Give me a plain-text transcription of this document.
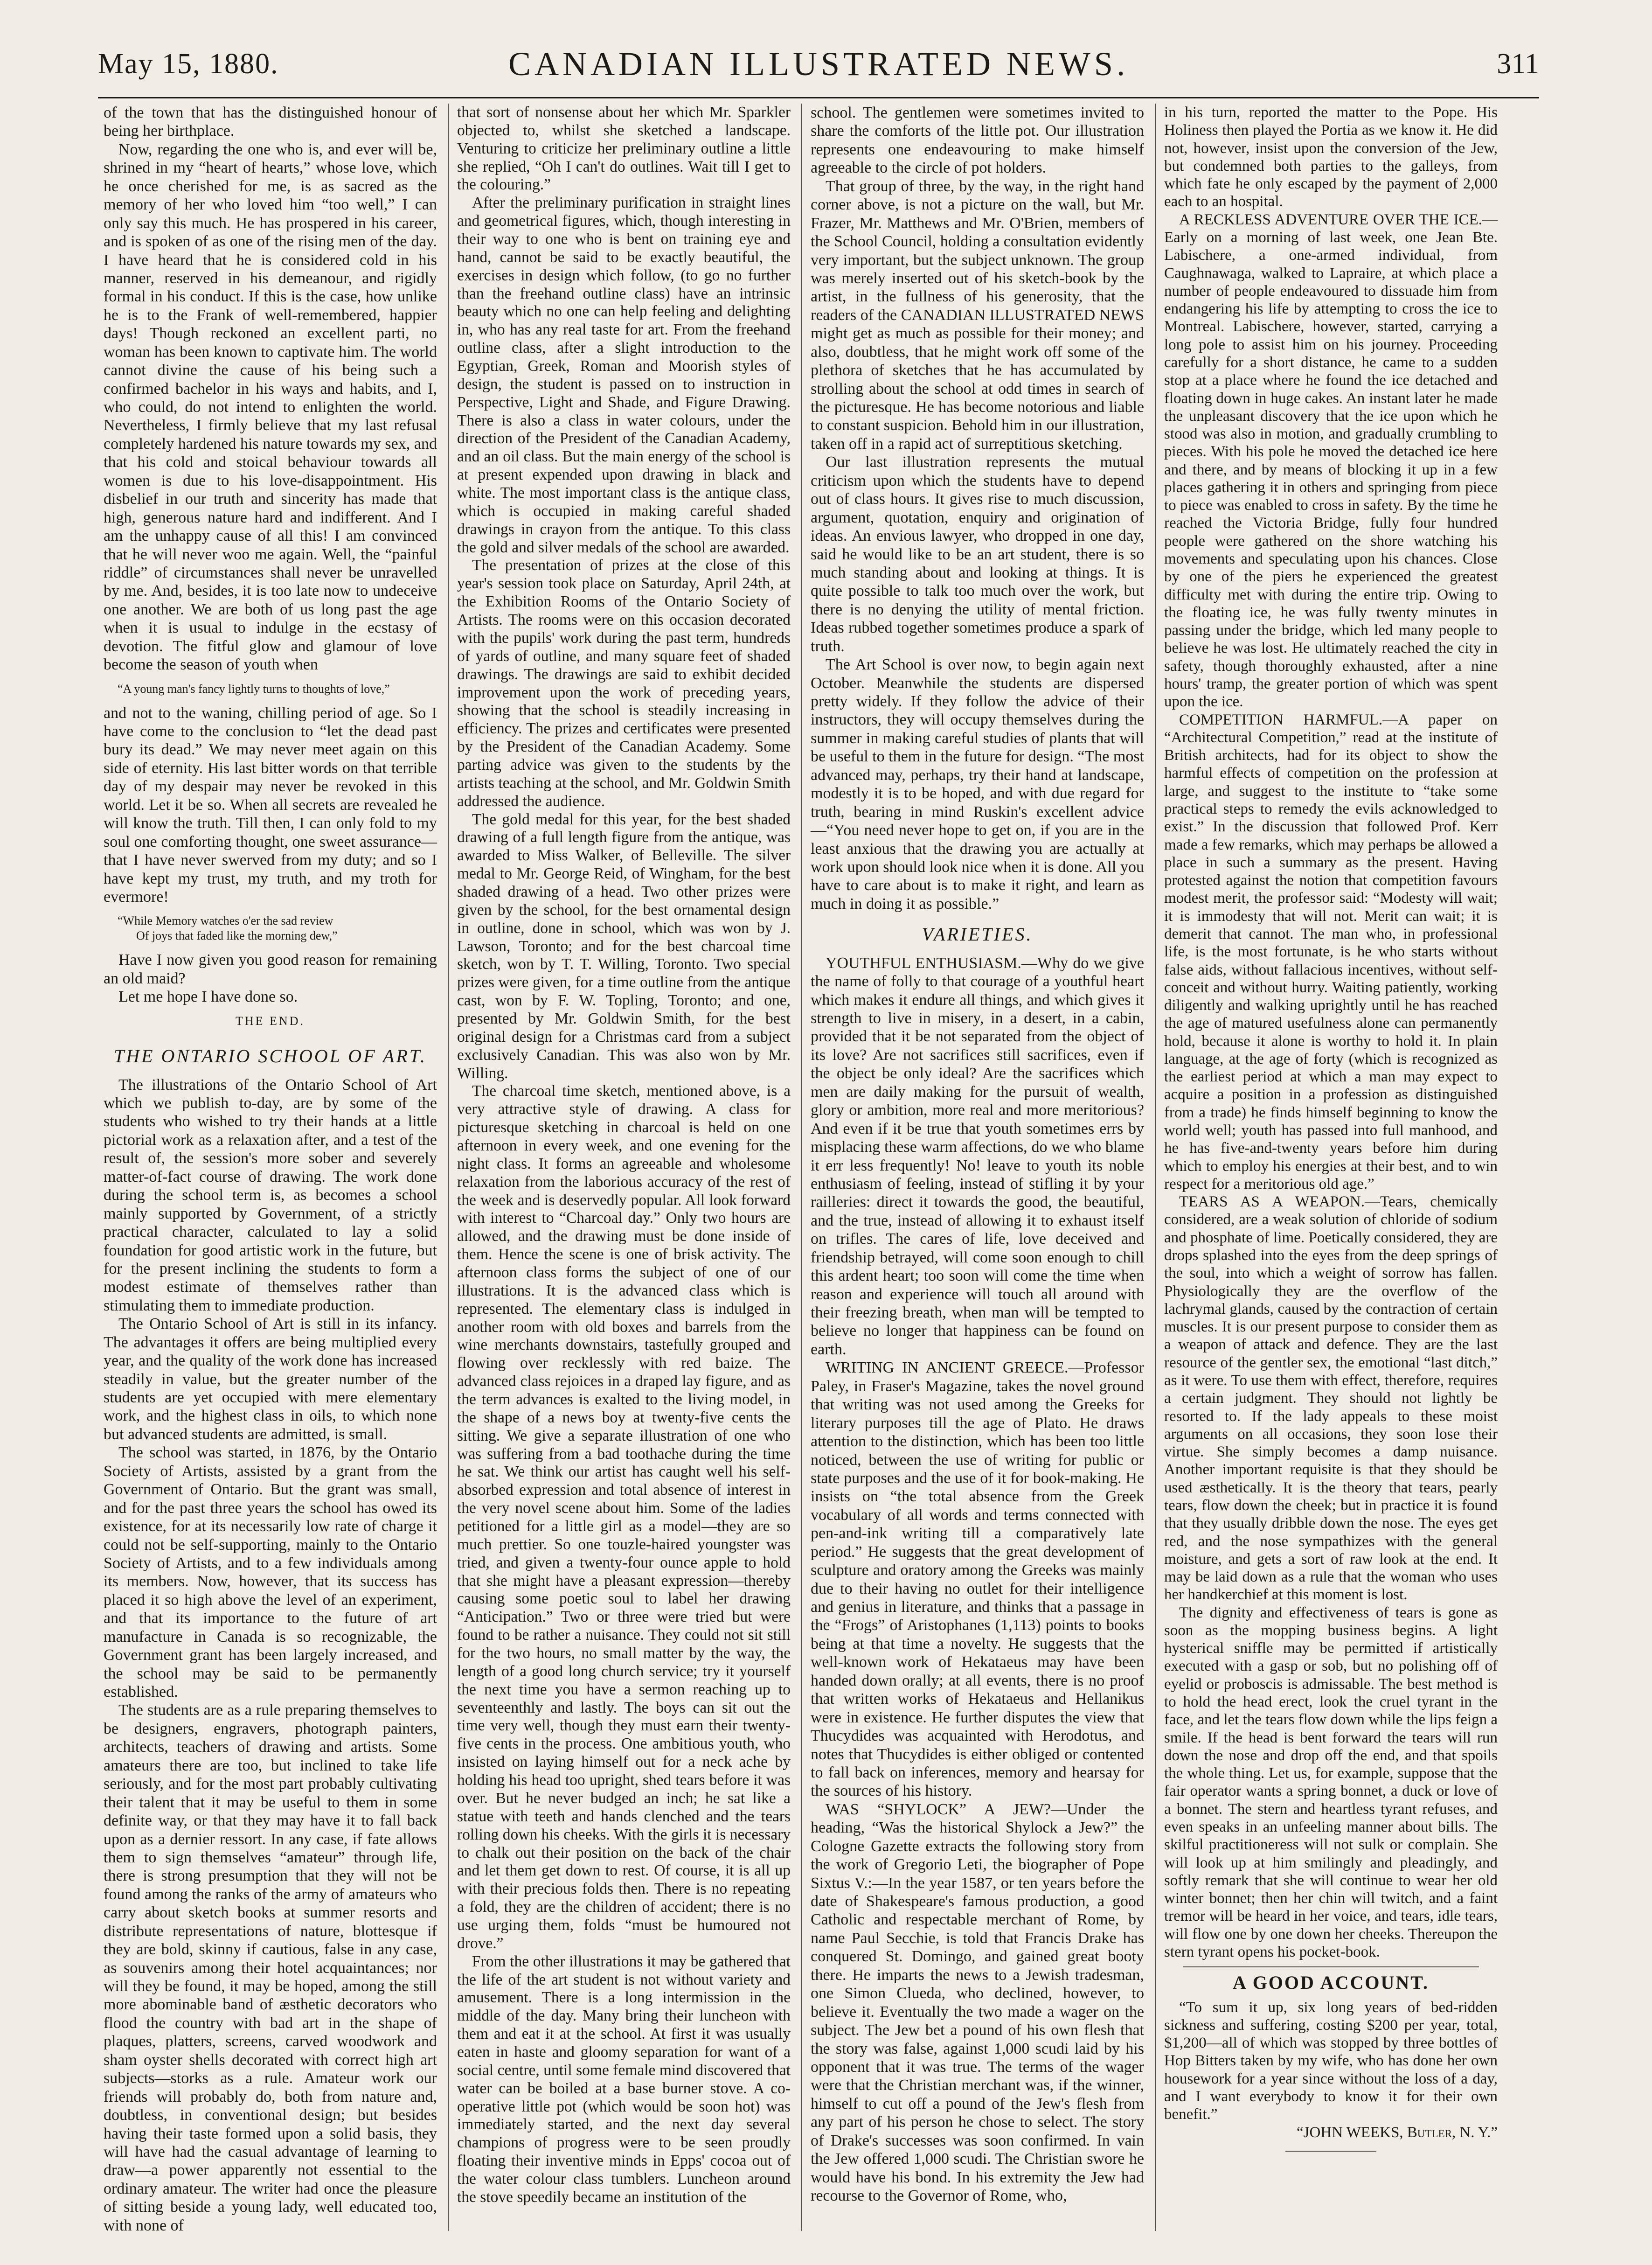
May 15, 1880.	CANADIAN ILLUSTRATED NEWS.	311

of the town that has the distinguished honour of being her birthplace.

Now, regarding the one who is, and ever will be, shrined in my “heart of hearts,” whose love, which he once cherished for me, is as sacred as the memory of her who loved him “too well,” I can only say this much. He has prospered in his career, and is spoken of as one of the rising men of the day. I have heard that he is considered cold in his manner, reserved in his demeanour, and rigidly formal in his conduct. If this is the case, how unlike he is to the Frank of well-remembered, happier days! Though reckoned an excellent parti, no woman has been known to captivate him. The world cannot divine the cause of his being such a confirmed bachelor in his ways and habits, and I, who could, do not intend to enlighten the world. Nevertheless, I firmly believe that my last refusal completely hardened his nature towards my sex, and that his cold and stoical behaviour towards all women is due to his love-disappointment. His disbelief in our truth and sincerity has made that high, generous nature hard and indifferent. And I am the unhappy cause of all this! I am convinced that he will never woo me again. Well, the “painful riddle” of circumstances shall never be unravelled by me. And, besides, it is too late now to undeceive one another. We are both of us long past the age when it is usual to indulge in the ecstasy of devotion. The fitful glow and glamour of love become the season of youth when

“A young man's fancy lightly turns to thoughts of love,”

and not to the waning, chilling period of age. So I have come to the conclusion to “let the dead past bury its dead.” We may never meet again on this side of eternity. His last bitter words on that terrible day of my despair may never be revoked in this world. Let it be so. When all secrets are revealed he will know the truth. Till then, I can only fold to my soul one comforting thought, one sweet assurance—that I have never swerved from my duty; and so I have kept my trust, my truth, and my troth for evermore!

“While Memory watches o'er the sad review
Of joys that faded like the morning dew,”

Have I now given you good reason for remaining an old maid?

Let me hope I have done so.

THE END.
THE ONTARIO SCHOOL OF ART.

The illustrations of the Ontario School of Art which we publish to-day, are by some of the students who wished to try their hands at a little pictorial work as a relaxation after, and a test of the result of, the session's more sober and severely matter-of-fact course of drawing. The work done during the school term is, as becomes a school mainly supported by Government, of a strictly practical character, calculated to lay a solid foundation for good artistic work in the future, but for the present inclining the students to form a modest estimate of themselves rather than stimulating them to immediate production.

The Ontario School of Art is still in its infancy. The advantages it offers are being multiplied every year, and the quality of the work done has increased steadily in value, but the greater number of the students are yet occupied with mere elementary work, and the highest class in oils, to which none but advanced students are admitted, is small.

The school was started, in 1876, by the Ontario Society of Artists, assisted by a grant from the Government of Ontario. But the grant was small, and for the past three years the school has owed its existence, for at its necessarily low rate of charge it could not be self-supporting, mainly to the Ontario Society of Artists, and to a few individuals among its members. Now, however, that its success has placed it so high above the level of an experiment, and that its importance to the future of art manufacture in Canada is so recognizable, the Government grant has been largely increased, and the school may be said to be permanently established.

The students are as a rule preparing themselves to be designers, engravers, photograph painters, architects, teachers of drawing and artists. Some amateurs there are too, but inclined to take life seriously, and for the most part probably cultivating their talent that it may be useful to them in some definite way, or that they may have it to fall back upon as a dernier ressort. In any case, if fate allows them to sign themselves “amateur” through life, there is strong presumption that they will not be found among the ranks of the army of amateurs who carry about sketch books at summer resorts and distribute representations of nature, blottesque if they are bold, skinny if cautious, false in any case, as souvenirs among their hotel acquaintances; nor will they be found, it may be hoped, among the still more abominable band of æsthetic decorators who flood the country with bad art in the shape of plaques, platters, screens, carved woodwork and sham oyster shells decorated with correct high art subjects—storks as a rule. Amateur work our friends will probably do, both from nature and, doubtless, in conventional design; but besides having their taste formed upon a solid basis, they will have had the casual advantage of learning to draw—a power apparently not essential to the ordinary amateur. The writer had once the pleasure of sitting beside a young lady, well educated too, with none of

that sort of nonsense about her which Mr. Sparkler objected to, whilst she sketched a landscape. Venturing to criticize her preliminary outline a little she replied, “Oh I can't do outlines. Wait till I get to the colouring.”

After the preliminary purification in straight lines and geometrical figures, which, though interesting in their way to one who is bent on training eye and hand, cannot be said to be exactly beautiful, the exercises in design which follow, (to go no further than the freehand outline class) have an intrinsic beauty which no one can help feeling and delighting in, who has any real taste for art. From the freehand outline class, after a slight introduction to the Egyptian, Greek, Roman and Moorish styles of design, the student is passed on to instruction in Perspective, Light and Shade, and Figure Drawing. There is also a class in water colours, under the direction of the President of the Canadian Academy, and an oil class. But the main energy of the school is at present expended upon drawing in black and white. The most important class is the antique class, which is occupied in making careful shaded drawings in crayon from the antique. To this class the gold and silver medals of the school are awarded.

The presentation of prizes at the close of this year's session took place on Saturday, April 24th, at the Exhibition Rooms of the Ontario Society of Artists. The rooms were on this occasion decorated with the pupils' work during the past term, hundreds of yards of outline, and many square feet of shaded drawings. The drawings are said to exhibit decided improvement upon the work of preceding years, showing that the school is steadily increasing in efficiency. The prizes and certificates were presented by the President of the Canadian Academy. Some parting advice was given to the students by the artists teaching at the school, and Mr. Goldwin Smith addressed the audience.

The gold medal for this year, for the best shaded drawing of a full length figure from the antique, was awarded to Miss Walker, of Belleville. The silver medal to Mr. George Reid, of Wingham, for the best shaded drawing of a head. Two other prizes were given by the school, for the best ornamental design in outline, done in school, which was won by J. Lawson, Toronto; and for the best charcoal time sketch, won by T. T. Willing, Toronto. Two special prizes were given, for a time outline from the antique cast, won by F. W. Topling, Toronto; and one, presented by Mr. Goldwin Smith, for the best original design for a Christmas card from a subject exclusively Canadian. This was also won by Mr. Willing.

The charcoal time sketch, mentioned above, is a very attractive style of drawing. A class for picturesque sketching in charcoal is held on one afternoon in every week, and one evening for the night class. It forms an agreeable and wholesome relaxation from the laborious accuracy of the rest of the week and is deservedly popular. All look forward with interest to “Charcoal day.” Only two hours are allowed, and the drawing must be done inside of them. Hence the scene is one of brisk activity. The afternoon class forms the subject of one of our illustrations. It is the advanced class which is represented. The elementary class is indulged in another room with old boxes and barrels from the wine merchants downstairs, tastefully grouped and flowing over recklessly with red baize. The advanced class rejoices in a draped lay figure, and as the term advances is exalted to the living model, in the shape of a news boy at twenty-five cents the sitting. We give a separate illustration of one who was suffering from a bad toothache during the time he sat. We think our artist has caught well his self-absorbed expression and total absence of interest in the very novel scene about him. Some of the ladies petitioned for a little girl as a model—they are so much prettier. So one touzle-haired youngster was tried, and given a twenty-four ounce apple to hold that she might have a pleasant expression—thereby causing some poetic soul to label her drawing “Anticipation.” Two or three were tried but were found to be rather a nuisance. They could not sit still for the two hours, no small matter by the way, the length of a good long church service; try it yourself the next time you have a sermon reaching up to seventeenthly and lastly. The boys can sit out the time very well, though they must earn their twenty-five cents in the process. One ambitious youth, who insisted on laying himself out for a neck ache by holding his head too upright, shed tears before it was over. But he never budged an inch; he sat like a statue with teeth and hands clenched and the tears rolling down his cheeks. With the girls it is necessary to chalk out their position on the back of the chair and let them get down to rest. Of course, it is all up with their precious folds then. There is no repeating a fold, they are the children of accident; there is no use urging them, folds “must be humoured not drove.”

From the other illustrations it may be gathered that the life of the art student is not without variety and amusement. There is a long intermission in the middle of the day. Many bring their luncheon with them and eat it at the school. At first it was usually eaten in haste and gloomy separation for want of a social centre, until some female mind discovered that water can be boiled at a base burner stove. A co-operative little pot (which would be soon hot) was immediately started, and the next day several champions of progress were to be seen proudly floating their inventive minds in Epps' cocoa out of the water colour class tumblers. Luncheon around the stove speedily became an institution of the

school. The gentlemen were sometimes invited to share the comforts of the little pot. Our illustration represents one endeavouring to make himself agreeable to the circle of pot holders.

That group of three, by the way, in the right hand corner above, is not a picture on the wall, but Mr. Frazer, Mr. Matthews and Mr. O'Brien, members of the School Council, holding a consultation evidently very important, but the subject unknown. The group was merely inserted out of his sketch-book by the artist, in the fullness of his generosity, that the readers of the CANADIAN ILLUSTRATED NEWS might get as much as possible for their money; and also, doubtless, that he might work off some of the plethora of sketches that he has accumulated by strolling about the school at odd times in search of the picturesque. He has become notorious and liable to constant suspicion. Behold him in our illustration, taken off in a rapid act of surreptitious sketching.

Our last illustration represents the mutual criticism upon which the students have to depend out of class hours. It gives rise to much discussion, argument, quotation, enquiry and origination of ideas. An envious lawyer, who dropped in one day, said he would like to be an art student, there is so much standing about and looking at things. It is quite possible to talk too much over the work, but there is no denying the utility of mental friction. Ideas rubbed together sometimes produce a spark of truth.

The Art School is over now, to begin again next October. Meanwhile the students are dispersed pretty widely. If they follow the advice of their instructors, they will occupy themselves during the summer in making careful studies of plants that will be useful to them in the future for design. “The most advanced may, perhaps, try their hand at landscape, modestly it is to be hoped, and with due regard for truth, bearing in mind Ruskin's excellent advice—“You need never hope to get on, if you are in the least anxious that the drawing you are actually at work upon should look nice when it is done. All you have to care about is to make it right, and learn as much in doing it as possible.”

VARIETIES.

YOUTHFUL ENTHUSIASM.—Why do we give the name of folly to that courage of a youthful heart which makes it endure all things, and which gives it strength to live in misery, in a desert, in a cabin, provided that it be not separated from the object of its love? Are not sacrifices still sacrifices, even if the object be only ideal? Are the sacrifices which men are daily making for the pursuit of wealth, glory or ambition, more real and more meritorious? And even if it be true that youth sometimes errs by misplacing these warm affections, do we who blame it err less frequently! No! leave to youth its noble enthusiasm of feeling, instead of stifling it by your railleries: direct it towards the good, the beautiful, and the true, instead of allowing it to exhaust itself on trifles. The cares of life, love deceived and friendship betrayed, will come soon enough to chill this ardent heart; too soon will come the time when reason and experience will touch all around with their freezing breath, when man will be tempted to believe no longer that happiness can be found on earth.

WRITING IN ANCIENT GREECE.—Professor Paley, in Fraser's Magazine, takes the novel ground that writing was not used among the Greeks for literary purposes till the age of Plato. He draws attention to the distinction, which has been too little noticed, between the use of writing for public or state purposes and the use of it for book-making. He insists on “the total absence from the Greek vocabulary of all words and terms connected with pen-and-ink writing till a comparatively late period.” He suggests that the great development of sculpture and oratory among the Greeks was mainly due to their having no outlet for their intelligence and genius in literature, and thinks that a passage in the “Frogs” of Aristophanes (1,113) points to books being at that time a novelty. He suggests that the well-known work of Hekataeus may have been handed down orally; at all events, there is no proof that written works of Hekataeus and Hellanikus were in existence. He further disputes the view that Thucydides was acquainted with Herodotus, and notes that Thucydides is either obliged or contented to fall back on inferences, memory and hearsay for the sources of his history.

WAS “SHYLOCK” A JEW?—Under the heading, “Was the historical Shylock a Jew?” the Cologne Gazette extracts the following story from the work of Gregorio Leti, the biographer of Pope Sixtus V.:—In the year 1587, or ten years before the date of Shakespeare's famous production, a good Catholic and respectable merchant of Rome, by name Paul Secchie, is told that Francis Drake has conquered St. Domingo, and gained great booty there. He imparts the news to a Jewish tradesman, one Simon Clueda, who declined, however, to believe it. Eventually the two made a wager on the subject. The Jew bet a pound of his own flesh that the story was false, against 1,000 scudi laid by his opponent that it was true. The terms of the wager were that the Christian merchant was, if the winner, himself to cut off a pound of the Jew's flesh from any part of his person he chose to select. The story of Drake's successes was soon confirmed. In vain the Jew offered 1,000 scudi. The Christian swore he would have his bond. In his extremity the Jew had recourse to the Governor of Rome, who,

in his turn, reported the matter to the Pope. His Holiness then played the Portia as we know it. He did not, however, insist upon the conversion of the Jew, but condemned both parties to the galleys, from which fate he only escaped by the payment of 2,000 each to an hospital.

A RECKLESS ADVENTURE OVER THE ICE.—Early on a morning of last week, one Jean Bte. Labischere, a one-armed individual, from Caughnawaga, walked to Lapraire, at which place a number of people endeavoured to dissuade him from endangering his life by attempting to cross the ice to Montreal. Labischere, however, started, carrying a long pole to assist him on his journey. Proceeding carefully for a short distance, he came to a sudden stop at a place where he found the ice detached and floating down in huge cakes. An instant later he made the unpleasant discovery that the ice upon which he stood was also in motion, and gradually crumbling to pieces. With his pole he moved the detached ice here and there, and by means of blocking it up in a few places gathering it in others and springing from piece to piece was enabled to cross in safety. By the time he reached the Victoria Bridge, fully four hundred people were gathered on the shore watching his movements and speculating upon his chances. Close by one of the piers he experienced the greatest difficulty met with during the entire trip. Owing to the floating ice, he was fully twenty minutes in passing under the bridge, which led many people to believe he was lost. He ultimately reached the city in safety, though thoroughly exhausted, after a nine hours' tramp, the greater portion of which was spent upon the ice.

COMPETITION HARMFUL.—A paper on “Architectural Competition,” read at the institute of British architects, had for its object to show the harmful effects of competition on the profession at large, and suggest to the institute to “take some practical steps to remedy the evils acknowledged to exist.” In the discussion that followed Prof. Kerr made a few remarks, which may perhaps be allowed a place in such a summary as the present. Having protested against the notion that competition favours modest merit, the professor said: “Modesty will wait; it is immodesty that will not. Merit can wait; it is demerit that cannot. The man who, in professional life, is the most fortunate, is he who starts without false aids, without fallacious incentives, without self-conceit and without hurry. Waiting patiently, working diligently and walking uprightly until he has reached the age of matured usefulness alone can permanently hold, because it alone is worthy to hold it. In plain language, at the age of forty (which is recognized as the earliest period at which a man may expect to acquire a position in a profession as distinguished from a trade) he finds himself beginning to know the world well; youth has passed into full manhood, and he has five-and-twenty years before him during which to employ his energies at their best, and to win respect for a meritorious old age.”

TEARS AS A WEAPON.—Tears, chemically considered, are a weak solution of chloride of sodium and phosphate of lime. Poetically considered, they are drops splashed into the eyes from the deep springs of the soul, into which a weight of sorrow has fallen. Physiologically they are the overflow of the lachrymal glands, caused by the contraction of certain muscles. It is our present purpose to consider them as a weapon of attack and defence. They are the last resource of the gentler sex, the emotional “last ditch,” as it were. To use them with effect, therefore, requires a certain judgment. They should not lightly be resorted to. If the lady appeals to these moist arguments on all occasions, they soon lose their virtue. She simply becomes a damp nuisance. Another important requisite is that they should be used æsthetically. It is the theory that tears, pearly tears, flow down the cheek; but in practice it is found that they usually dribble down the nose. The eyes get red, and the nose sympathizes with the general moisture, and gets a sort of raw look at the end. It may be laid down as a rule that the woman who uses her handkerchief at this moment is lost.

The dignity and effectiveness of tears is gone as soon as the mopping business begins. A light hysterical sniffle may be permitted if artistically executed with a gasp or sob, but no polishing off of eyelid or proboscis is admissable. The best method is to hold the head erect, look the cruel tyrant in the face, and let the tears flow down while the lips feign a smile. If the head is bent forward the tears will run down the nose and drop off the end, and that spoils the whole thing. Let us, for example, suppose that the fair operator wants a spring bonnet, a duck or love of a bonnet. The stern and heartless tyrant refuses, and even speaks in an unfeeling manner about bills. The skilful practitioneress will not sulk or complain. She will look up at him smilingly and pleadingly, and softly remark that she will continue to wear her old winter bonnet; then her chin will twitch, and a faint tremor will be heard in her voice, and tears, idle tears, will flow one by one down her cheeks. Thereupon the stern tyrant opens his pocket-book.

A GOOD ACCOUNT.

“To sum it up, six long years of bed-ridden sickness and suffering, costing $200 per year, total, $1,200—all of which was stopped by three bottles of Hop Bitters taken by my wife, who has done her own housework for a year since without the loss of a day, and I want everybody to know it for their own benefit.”

“JOHN WEEKS, Butler, N. Y.”
